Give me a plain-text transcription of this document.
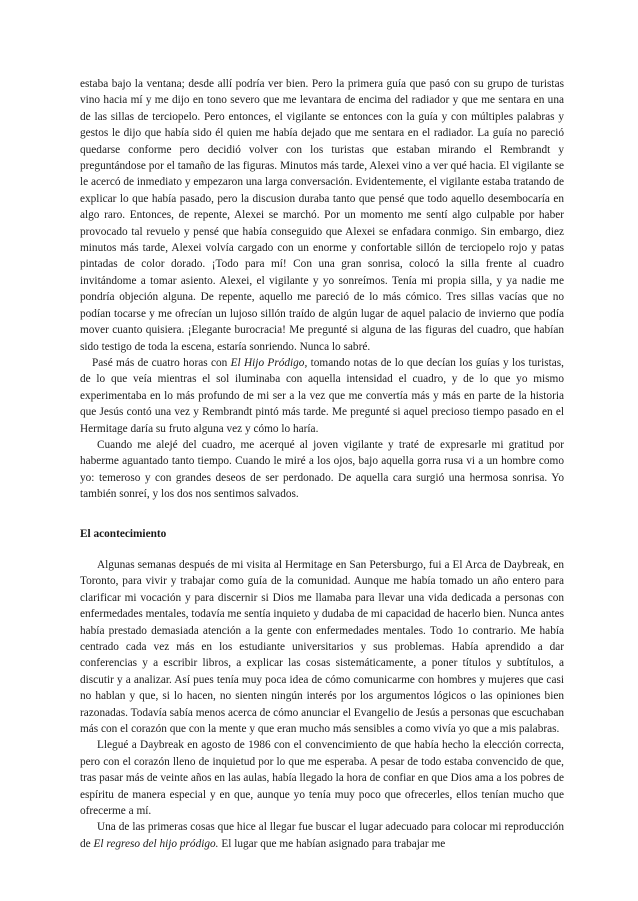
estaba bajo la ventana; desde allí podría ver bien. Pero la primera guía que pasó con su grupo de turistas vino hacia mí y me dijo en tono severo que me levantara de encima del radiador y que me sentara en una de las sillas de terciopelo. Pero entonces, el vigilante se entonces con la guía y con múltiples palabras y gestos le dijo que había sido él quien me había dejado que me sentara en el radiador. La guía no pareció quedarse conforme pero decidió volver con los turistas que estaban mirando el Rembrandt y preguntándose por el tamaño de las figuras. Minutos más tarde, Alexei vino a ver qué hacia. El vigilante se le acercó de inmediato y empezaron una larga conversación. Evidentemente, el vigilante estaba tratando de explicar lo que había pasado, pero la discusion duraba tanto que pensé que todo aquello desembocaría en algo raro. Entonces, de repente, Alexei se marchó. Por un momento me sentí algo culpable por haber provocado tal revuelo y pensé que había conseguido que Alexei se enfadara conmigo. Sin embargo, diez minutos más tarde, Alexei volvía cargado con un enorme y confortable sillón de terciopelo rojo y patas pintadas de color dorado. ¡Todo para mí! Con una gran sonrisa, colocó la silla frente al cuadro invitándome a tomar asiento. Alexei, el vigilante y yo sonreímos. Tenía mi propia silla, y ya nadie me pondría objeción alguna. De repente, aquello me pareció de lo más cómico. Tres sillas vacías que no podían tocarse y me ofrecían un lujoso sillón traído de algún lugar de aquel palacio de invierno que podía mover cuanto quisiera. ¡Elegante burocracia! Me pregunté si alguna de las figuras del cuadro, que habían sido testigo de toda la escena, estaría sonriendo. Nunca lo sabré.

Pasé más de cuatro horas con El Hijo Pródigo, tomando notas de lo que decían los guías y los turistas, de lo que veía mientras el sol iluminaba con aquella intensidad el cuadro, y de lo que yo mismo experimentaba en lo más profundo de mi ser a la vez que me convertía más y más en parte de la historia que Jesús contó una vez y Rembrandt pintó más tarde. Me pregunté si aquel precioso tiempo pasado en el Hermitage daría su fruto alguna vez y cómo lo haría.

Cuando me alejé del cuadro, me acerqué al joven vigilante y traté de expresarle mi gratitud por haberme aguantado tanto tiempo. Cuando le miré a los ojos, bajo aquella gorra rusa vi a un hombre como yo: temeroso y con grandes deseos de ser perdonado. De aquella cara surgió una hermosa sonrisa. Yo también sonreí, y los dos nos sentimos salvados.

El acontecimiento

Algunas semanas después de mi visita al Hermitage en San Petersburgo, fui a El Arca de Daybreak, en Toronto, para vivir y trabajar como guía de la comunidad. Aunque me había tomado un año entero para clarificar mi vocación y para discernir si Dios me llamaba para llevar una vida dedicada a personas con enfermedades mentales, todavía me sentía inquieto y dudaba de mi capacidad de hacerlo bien. Nunca antes había prestado demasiada atención a la gente con enfermedades mentales. Todo 1o contrario. Me había centrado cada vez más en los estudiante universitarios y sus problemas. Había aprendido a dar conferencias y a escribir libros, a explicar las cosas sistemáticamente, a poner títulos y subtítulos, a discutir y a analizar. Así pues tenía muy poca idea de cómo comunicarme con hombres y mujeres que casi no hablan y que, si lo hacen, no sienten ningún interés por los argumentos lógicos o las opiniones bien razonadas. Todavía sabía menos acerca de cómo anunciar el Evangelio de Jesús a personas que escuchaban más con el corazón que con la mente y que eran mucho más sensibles a como vivía yo que a mis palabras.

Llegué a Daybreak en agosto de 1986 con el convencimiento de que había hecho la elección correcta, pero con el corazón lleno de inquietud por lo que me esperaba. A pesar de todo estaba convencido de que, tras pasar más de veinte años en las aulas, había llegado la hora de confiar en que Dios ama a los pobres de espíritu de manera especial y en que, aunque yo tenía muy poco que ofrecerles, ellos tenían mucho que ofrecerme a mí.

Una de las primeras cosas que hice al llegar fue buscar el lugar adecuado para colocar mi reproducción de El regreso del hijo pródigo. El lugar que me habían asignado para trabajar me
